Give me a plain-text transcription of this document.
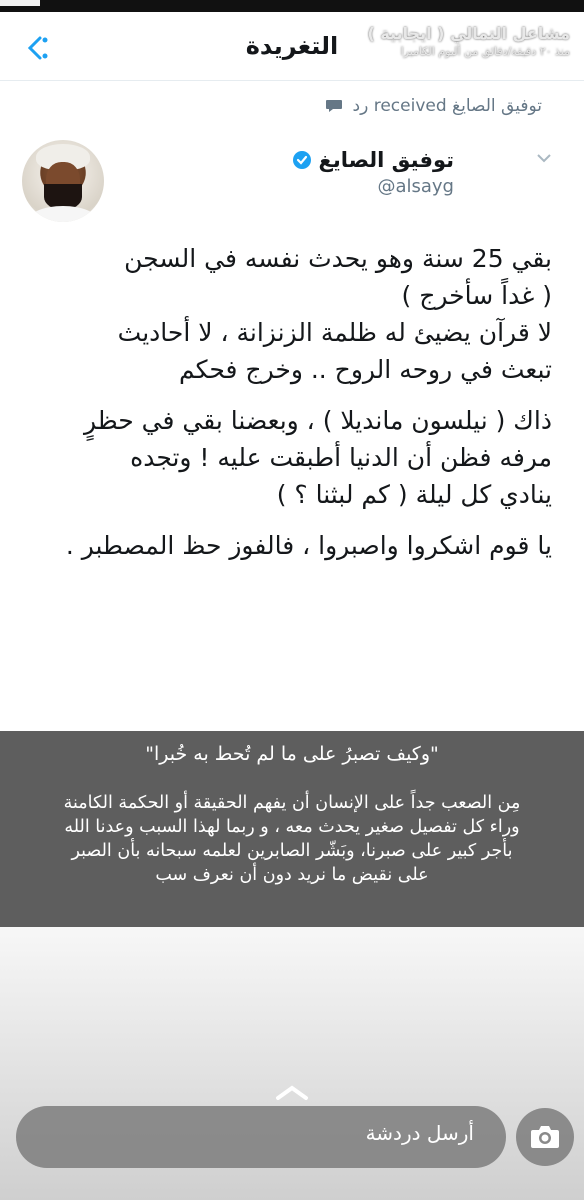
التغريدة	مشاعل التمالي ( ايجابية )
منذ ٢٠ دقيقة/دقائق من ألبوم الكاميرا
توفيق الصايغ received رد
توفيق الصايغ
@alsayg

بقي 25 سنة وهو يحدث نفسه في السجن
( غداً سأخرج )
لا قرآن يضيئ له ظلمة الزنزانة ، لا أحاديث
تبعث في روحه الروح .. وخرج فحكم

ذاك ( نيلسون مانديلا ) ، وبعضنا بقي في حظرٍ
مرفه فظن أن الدنيا أطبقت عليه ! وتجده
ينادي كل ليلة ( كم لبثنا ؟ )

يا قوم اشكروا واصبروا ، فالفوز حظ المصطبر .

"وكيف تصبرُ على ما لم تُحط به خُبرا"
مِن الصعب جداً على الإنسان أن يفهم الحقيقة أو الحكمة الكامنة
وراء كل تفصيل صغير يحدث معه ، و ربما لهذا السبب وعدنا الله
بأجر كبير على صبرنا، وبَشّر الصابرين لعلمه سبحانه بأن الصبر
على نقيض ما نريد دون أن نعرف سب
أرسل دردشة
